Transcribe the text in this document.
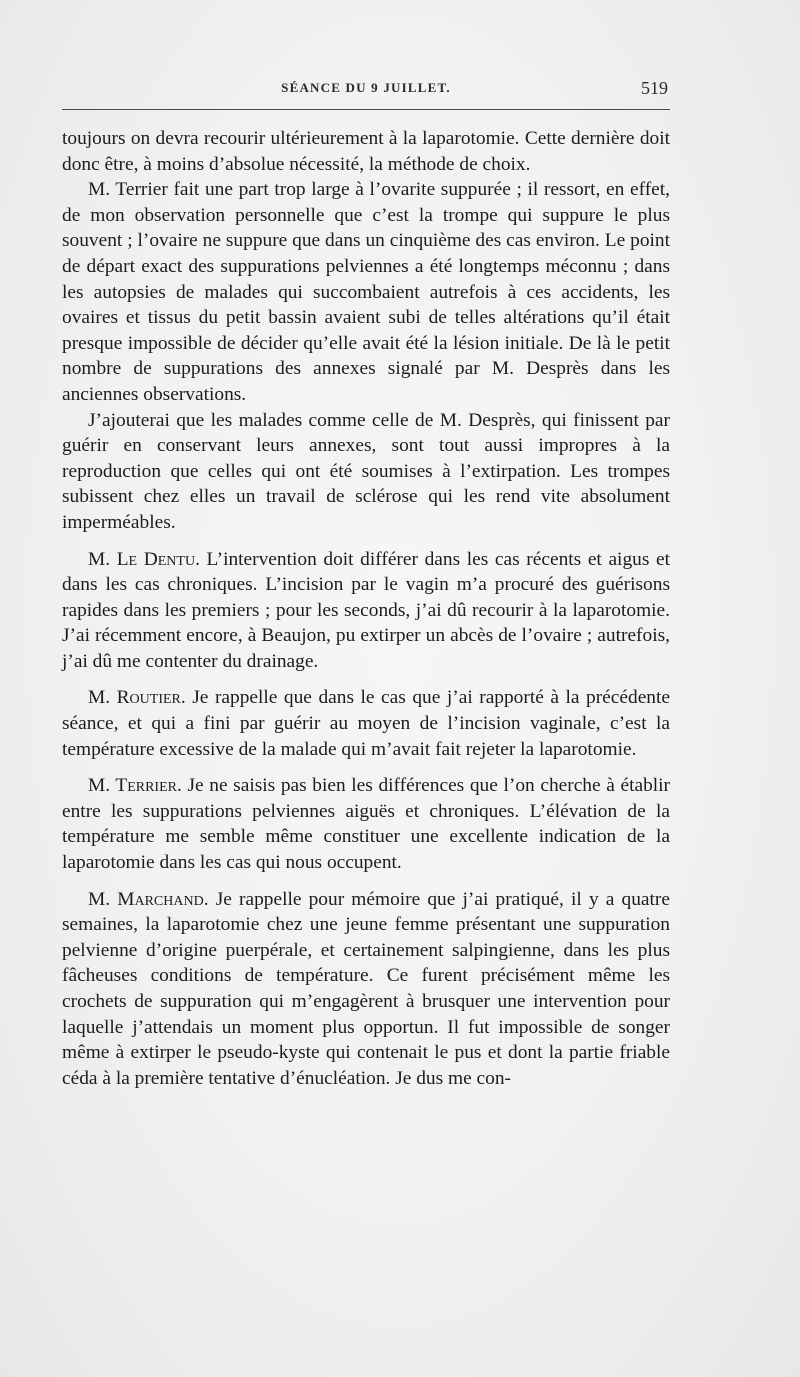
SÉANCE DU 9 JUILLET.	519

toujours on devra recourir ultérieurement à la laparotomie. Cette dernière doit donc être, à moins d’absolue nécessité, la méthode de choix.

M. Terrier fait une part trop large à l’ovarite suppurée ; il ressort, en effet, de mon observation personnelle que c’est la trompe qui suppure le plus souvent ; l’ovaire ne suppure que dans un cinquième des cas environ. Le point de départ exact des suppurations pelviennes a été longtemps méconnu ; dans les autopsies de malades qui succombaient autrefois à ces accidents, les ovaires et tissus du petit bassin avaient subi de telles altérations qu’il était presque impossible de décider qu’elle avait été la lésion initiale. De là le petit nombre de suppurations des annexes signalé par M. Desprès dans les anciennes observations.

J’ajouterai que les malades comme celle de M. Desprès, qui finissent par guérir en conservant leurs annexes, sont tout aussi impropres à la reproduction que celles qui ont été soumises à l’extirpation. Les trompes subissent chez elles un travail de sclérose qui les rend vite absolument imperméables.

M. Le Dentu. L’intervention doit différer dans les cas récents et aigus et dans les cas chroniques. L’incision par le vagin m’a procuré des guérisons rapides dans les premiers ; pour les seconds, j’ai dû recourir à la laparotomie. J’ai récemment encore, à Beaujon, pu extirper un abcès de l’ovaire ; autrefois, j’ai dû me contenter du drainage.

M. Routier. Je rappelle que dans le cas que j’ai rapporté à la précédente séance, et qui a fini par guérir au moyen de l’incision vaginale, c’est la température excessive de la malade qui m’avait fait rejeter la laparotomie.

M. Terrier. Je ne saisis pas bien les différences que l’on cherche à établir entre les suppurations pelviennes aiguës et chroniques. L’élévation de la température me semble même constituer une excellente indication de la laparotomie dans les cas qui nous occupent.

M. Marchand. Je rappelle pour mémoire que j’ai pratiqué, il y a quatre semaines, la laparotomie chez une jeune femme présentant une suppuration pelvienne d’origine puerpérale, et certainement salpingienne, dans les plus fâcheuses conditions de température. Ce furent précisément même les crochets de suppuration qui m’engagèrent à brusquer une intervention pour laquelle j’attendais un moment plus opportun. Il fut impossible de songer même à extirper le pseudo-kyste qui contenait le pus et dont la partie friable céda à la première tentative d’énucléation. Je dus me con-
